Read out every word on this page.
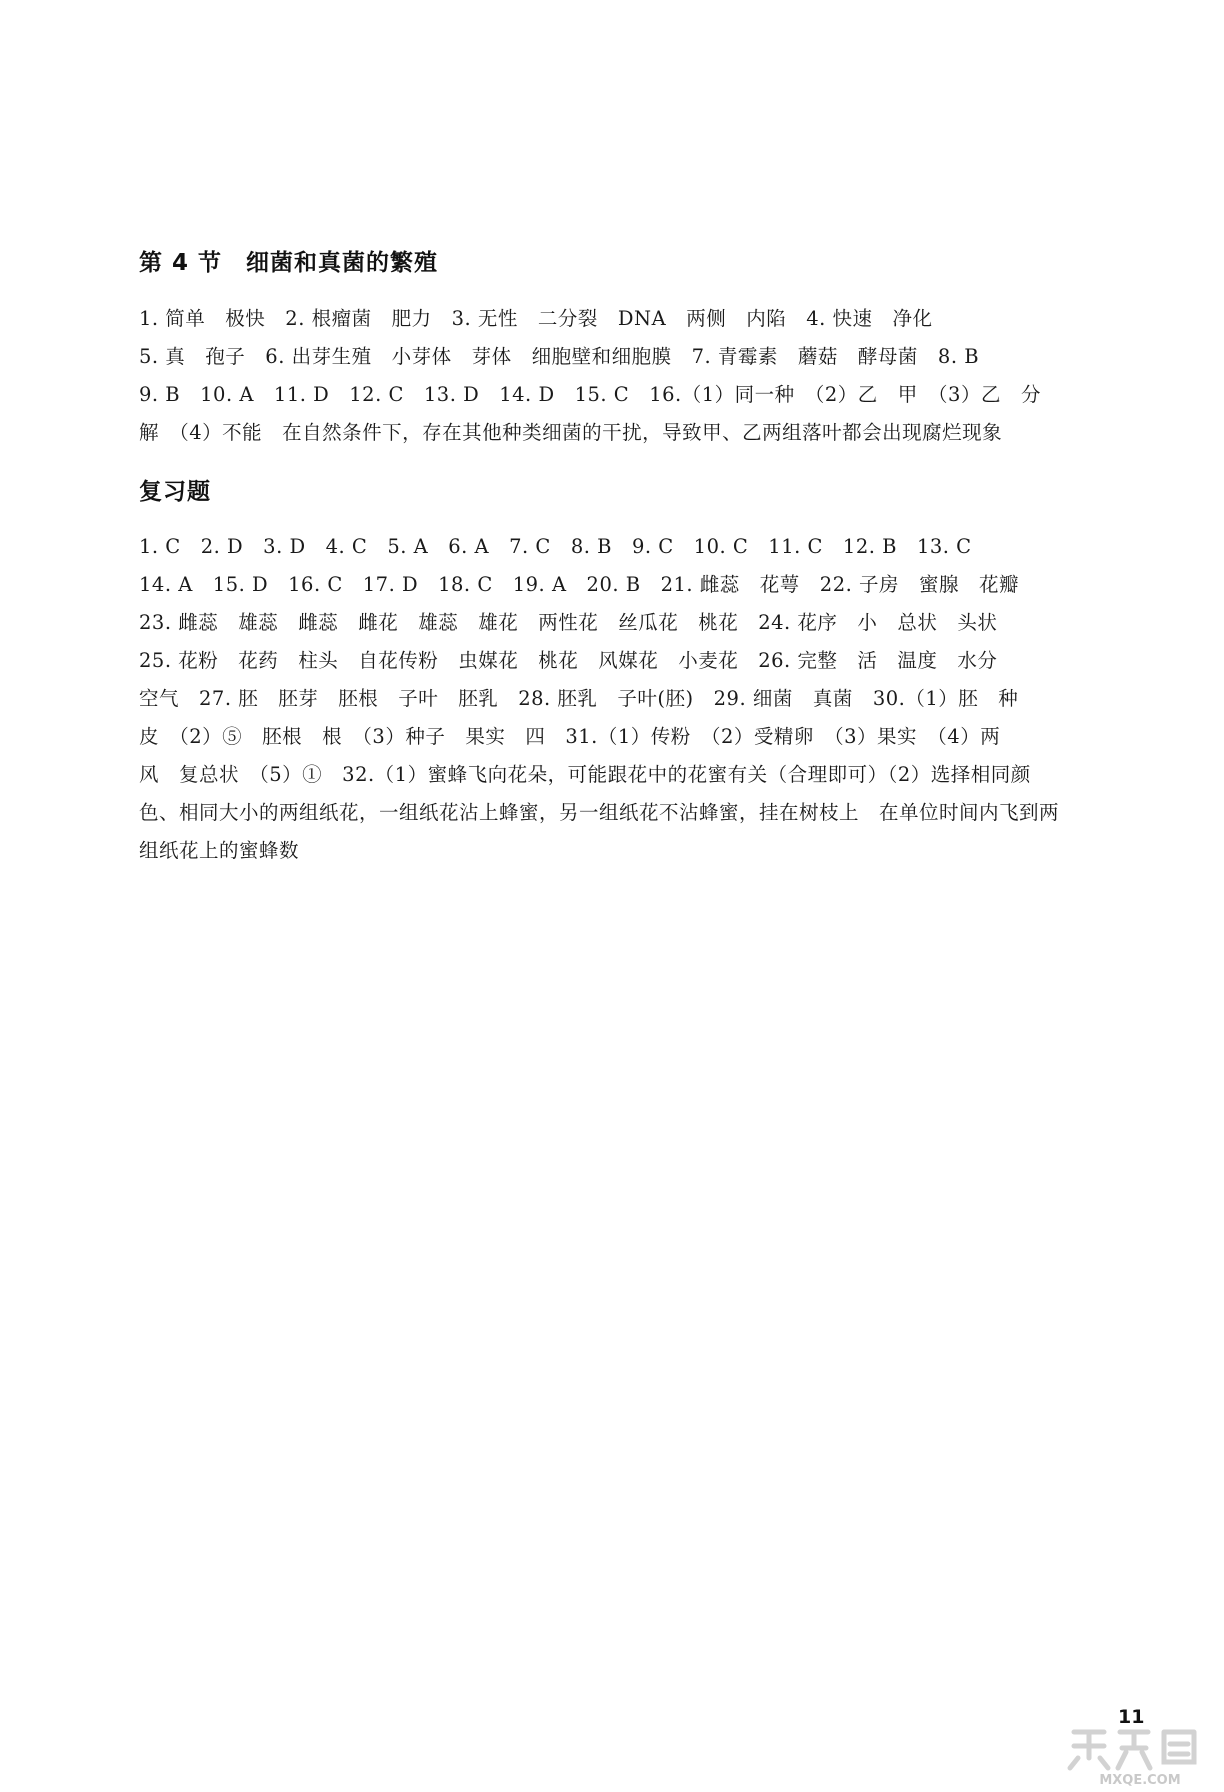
第 4 节　细菌和真菌的繁殖
1. 简单　极快　2. 根瘤菌　肥力　3. 无性　二分裂　DNA　两侧　内陷　4. 快速　净化
5. 真　孢子　6. 出芽生殖　小芽体　芽体　细胞壁和细胞膜　7. 青霉素　蘑菇　酵母菌　8. B
9. B　10. A　11. D　12. C　13. D　14. D　15. C　16.（1）同一种　（2）乙　甲　（3）乙　分
解　（4）不能　在自然条件下，存在其他种类细菌的干扰，导致甲、乙两组落叶都会出现腐烂现象
复习题
1. C　2. D　3. D　4. C　5. A　6. A　7. C　8. B　9. C　10. C　11. C　12. B　13. C
14. A　15. D　16. C　17. D　18. C　19. A　20. B　21. 雌蕊　花萼　22. 子房　蜜腺　花瓣
23. 雌蕊　雄蕊　雌蕊　雌花　雄蕊　雄花　两性花　丝瓜花　桃花　24. 花序　小　总状　头状
25. 花粉　花药　柱头　自花传粉　虫媒花　桃花　风媒花　小麦花　26. 完整　活　温度　水分
空气　27. 胚　胚芽　胚根　子叶　胚乳　28. 胚乳　子叶(胚)　29. 细菌　真菌　30.（1）胚　种
皮　（2）⑤　胚根　根　（3）种子　果实　四　31.（1）传粉　（2）受精卵　（3）果实　（4）两
风　复总状　（5）①　32.（1）蜜蜂飞向花朵，可能跟花中的花蜜有关（合理即可）（2）选择相同颜
色、相同大小的两组纸花，一组纸花沾上蜂蜜，另一组纸花不沾蜂蜜，挂在树枝上　在单位时间内飞到两
组纸花上的蜜蜂数
11
MXQE.COM
